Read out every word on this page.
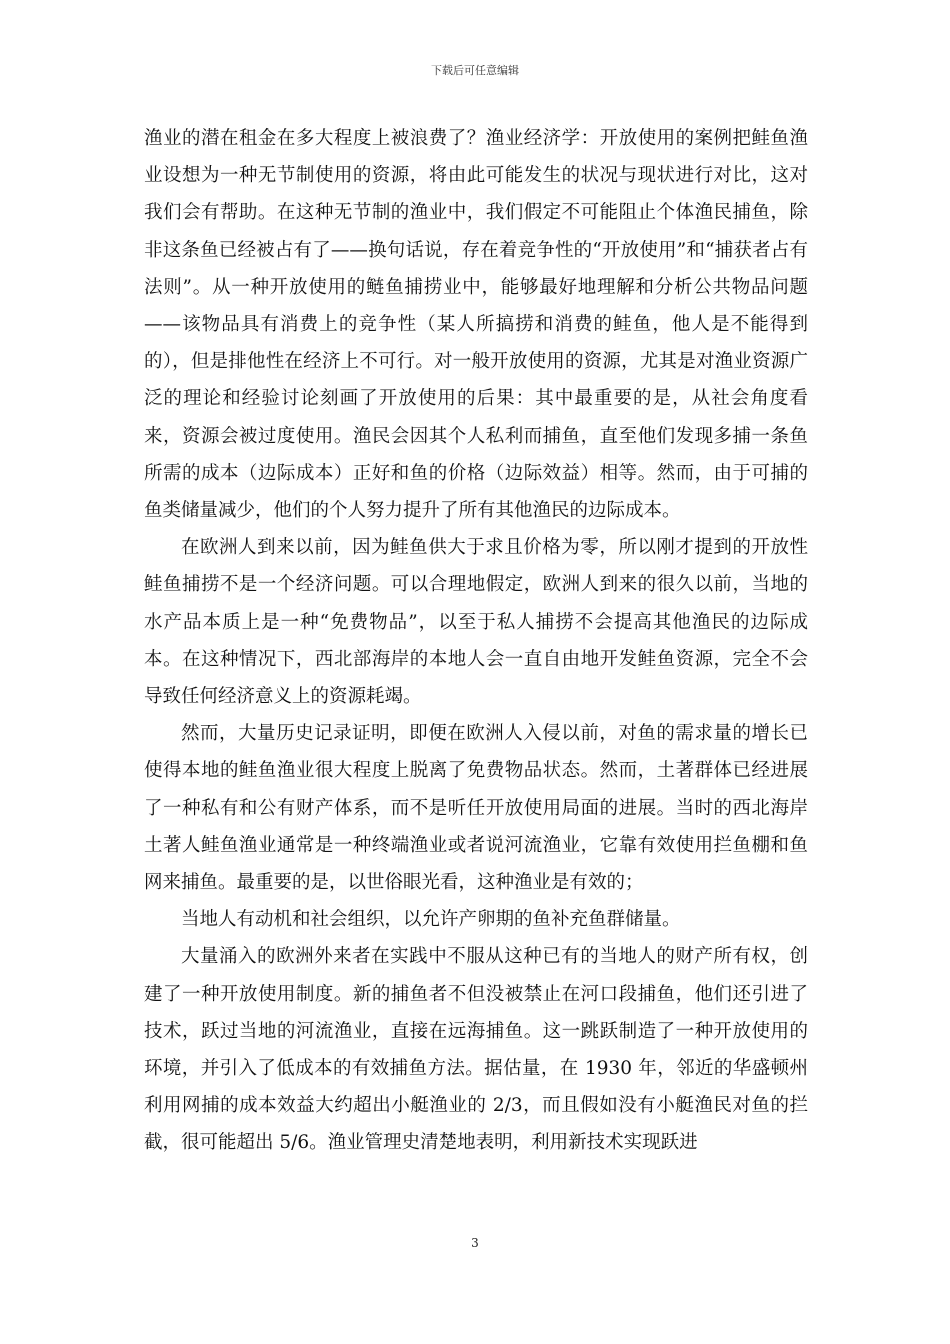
下载后可任意编辑

渔业的潜在租金在多大程度上被浪费了？渔业经济学：开放使用的案例把鲑鱼渔业设想为一种无节制使用的资源，将由此可能发生的状况与现状进行对比，这对我们会有帮助。在这种无节制的渔业中，我们假定不可能阻止个体渔民捕鱼，除非这条鱼已经被占有了——换句话说，存在着竞争性的“开放使用”和“捕获者占有法则”。从一种开放使用的鲢鱼捕捞业中，能够最好地理解和分析公共物品问题——该物品具有消费上的竞争性（某人所搞捞和消费的鲑鱼，他人是不能得到的），但是排他性在经济上不可行。对一般开放使用的资源，尤其是对渔业资源广泛的理论和经验讨论刻画了开放使用的后果：其中最重要的是，从社会角度看来，资源会被过度使用。渔民会因其个人私利而捕鱼，直至他们发现多捕一条鱼所需的成本（边际成本）正好和鱼的价格（边际效益）相等。然而，由于可捕的鱼类储量减少，他们的个人努力提升了所有其他渔民的边际成本。

在欧洲人到来以前，因为鲑鱼供大于求且价格为零，所以刚才提到的开放性鲑鱼捕捞不是一个经济问题。可以合理地假定，欧洲人到来的很久以前，当地的水产品本质上是一种“免费物品”，以至于私人捕捞不会提高其他渔民的边际成本。在这种情况下，西北部海岸的本地人会一直自由地开发鲑鱼资源，完全不会导致任何经济意义上的资源耗竭。

然而，大量历史记录证明，即便在欧洲人入侵以前，对鱼的需求量的增长已使得本地的鲑鱼渔业很大程度上脱离了免费物品状态。然而，土著群体已经进展了一种私有和公有财产体系，而不是听任开放使用局面的进展。当时的西北海岸土著人鲑鱼渔业通常是一种终端渔业或者说河流渔业，它靠有效使用拦鱼棚和鱼网来捕鱼。最重要的是，以世俗眼光看，这种渔业是有效的；

当地人有动机和社会组织，以允许产卵期的鱼补充鱼群储量。

大量涌入的欧洲外来者在实践中不服从这种已有的当地人的财产所有权，创建了一种开放使用制度。新的捕鱼者不但没被禁止在河口段捕鱼，他们还引进了技术，跃过当地的河流渔业，直接在远海捕鱼。这一跳跃制造了一种开放使用的环境，并引入了低成本的有效捕鱼方法。据估量，在 1930 年，邻近的华盛顿州利用网捕的成本效益大约超出小艇渔业的 2/3，而且假如没有小艇渔民对鱼的拦截，很可能超出 5/6。渔业管理史清楚地表明，利用新技术实现跃进

3
